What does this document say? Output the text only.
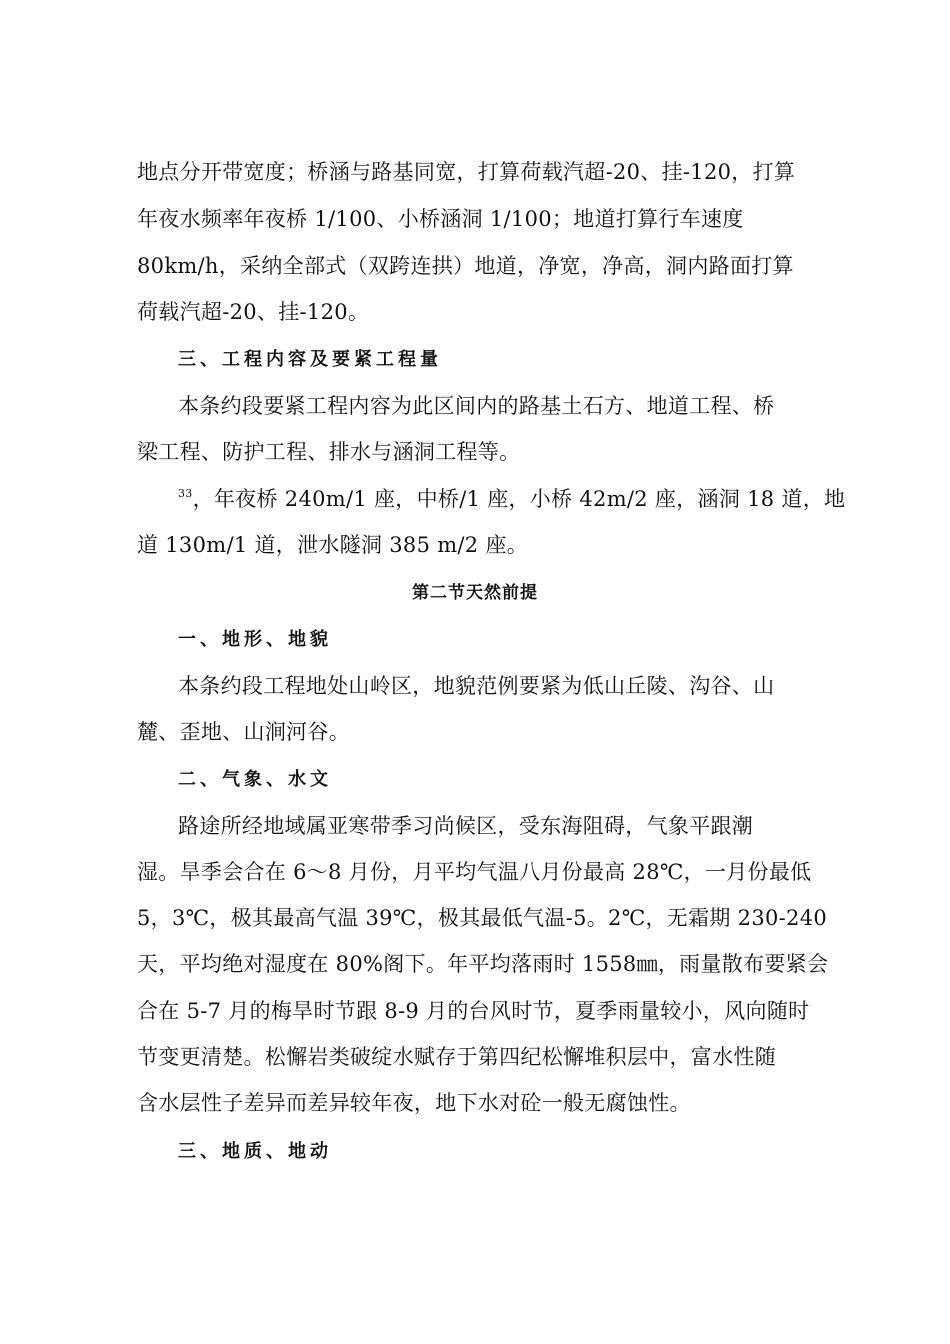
地点分开带宽度；桥涵与路基同宽，打算荷载汽超-20、挂-120，打算
年夜水频率年夜桥 1/100、小桥涵洞 1/100；地道打算行车速度
80km/h，采纳全部式（双跨连拱）地道，净宽，净高，洞内路面打算
荷载汽超-20、挂-120。
三、工程内容及要紧工程量
本条约段要紧工程内容为此区间内的路基土石方、地道工程、桥
梁工程、防护工程、排水与涵洞工程等。
$^{33}$，年夜桥 240m/1 座，中桥/1 座，小桥 42m/2 座，涵洞 18 道，地
道 130m/1 道，泄水隧洞 385 m/2 座。
第二节天然前提
一、地形、地貌
本条约段工程地处山岭区，地貌范例要紧为低山丘陵、沟谷、山
麓、歪地、山涧河谷。
二、气象、水文
路途所经地域属亚寒带季习尚候区，受东海阻碍，气象平跟潮
湿。旱季会合在 6～8 月份，月平均气温八月份最高 28℃，一月份最低
5，3℃，极其最高气温 39℃，极其最低气温-5。2℃，无霜期 230-240
天，平均绝对湿度在 80%阁下。年平均落雨时 1558㎜，雨量散布要紧会
合在 5-7 月的梅旱时节跟 8-9 月的台风时节，夏季雨量较小，风向随时
节变更清楚。松懈岩类破绽水赋存于第四纪松懈堆积层中，富水性随
含水层性子差异而差异较年夜，地下水对砼一般无腐蚀性。
三、地质、地动
